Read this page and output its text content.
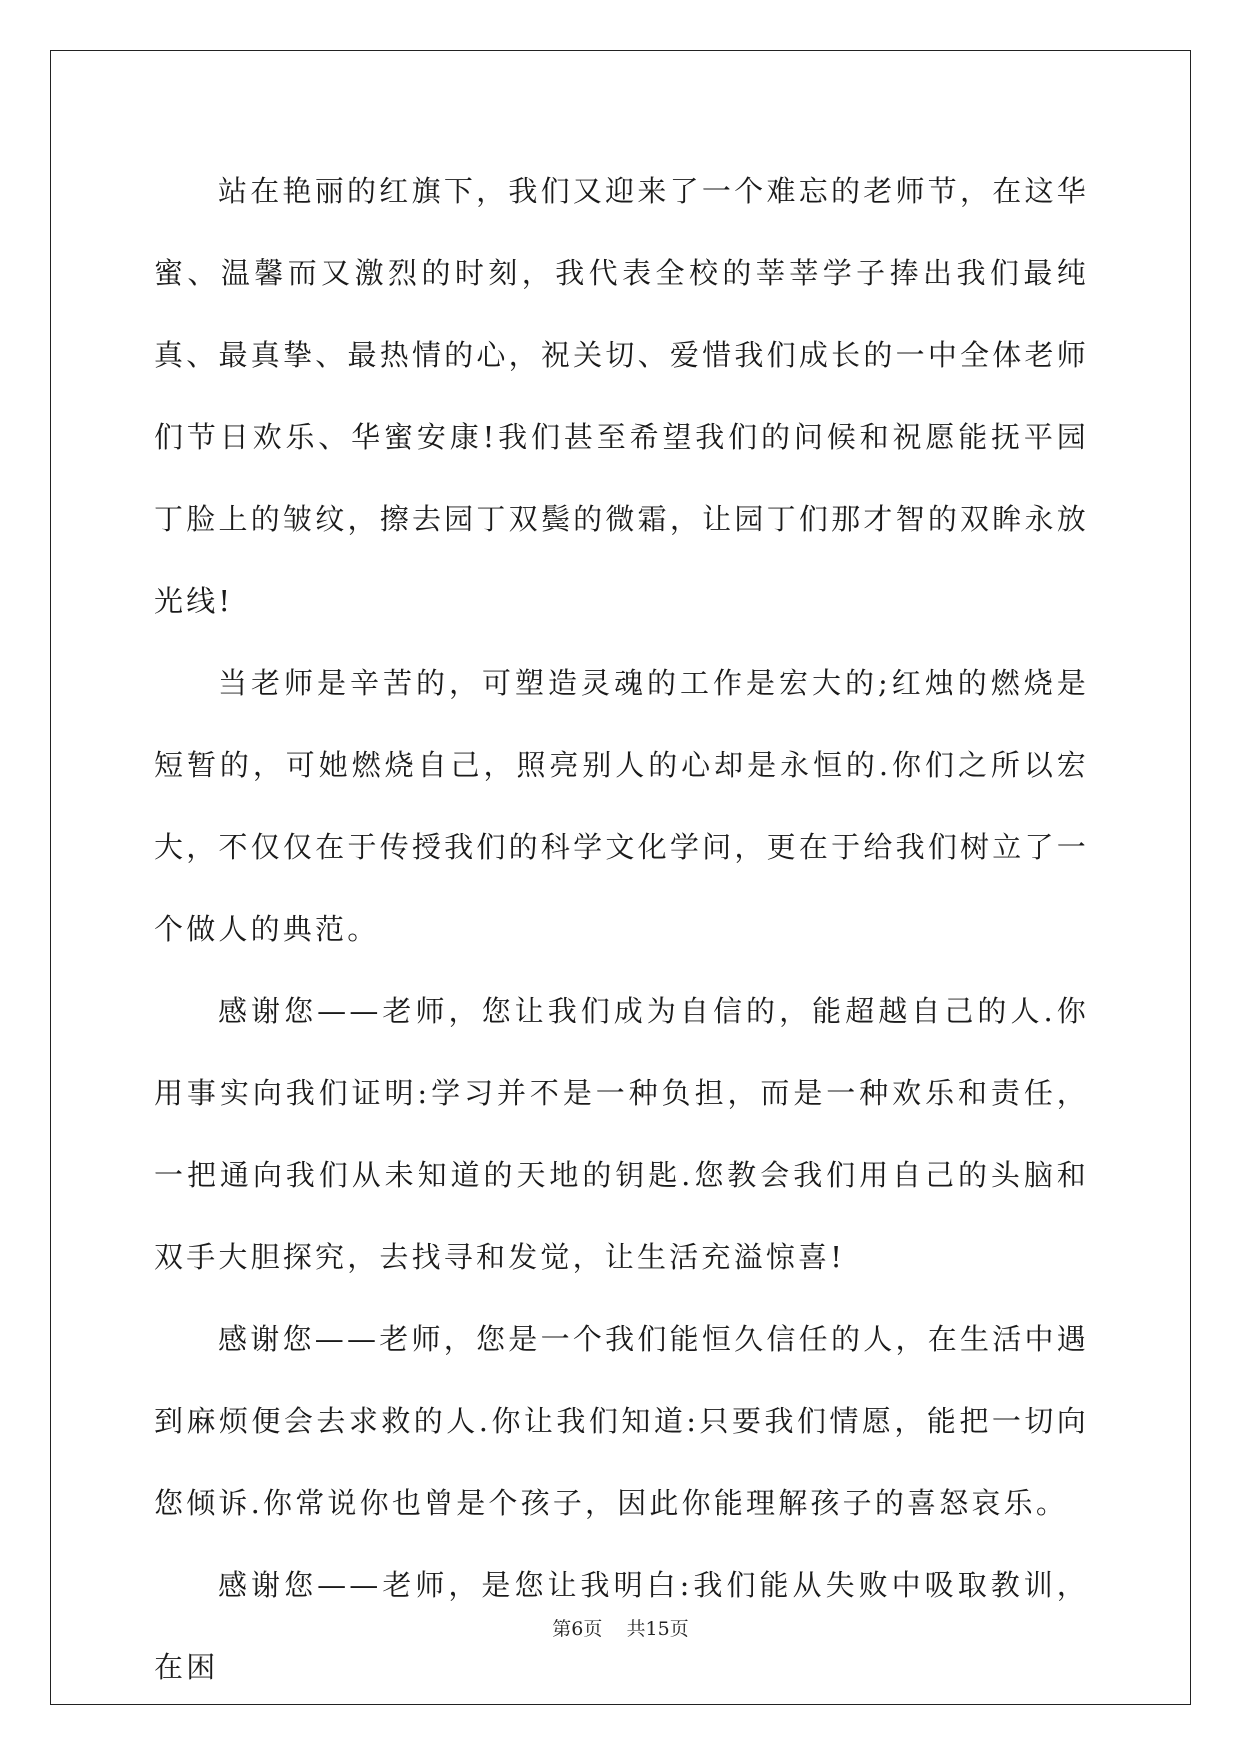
站在艳丽的红旗下，我们又迎来了一个难忘的老师节，在这华蜜、温馨而又激烈的时刻，我代表全校的莘莘学子捧出我们最纯真、最真挚、最热情的心，祝关切、爱惜我们成长的一中全体老师们节日欢乐、华蜜安康!我们甚至希望我们的问候和祝愿能抚平园丁脸上的皱纹，擦去园丁双鬓的微霜，让园丁们那才智的双眸永放光线!

当老师是辛苦的，可塑造灵魂的工作是宏大的;红烛的燃烧是短暂的，可她燃烧自己，照亮别人的心却是永恒的.你们之所以宏大，不仅仅在于传授我们的科学文化学问，更在于给我们树立了一个做人的典范。

感谢您——老师，您让我们成为自信的，能超越自己的人.你用事实向我们证明:学习并不是一种负担，而是一种欢乐和责任，一把通向我们从未知道的天地的钥匙.您教会我们用自己的头脑和双手大胆探究，去找寻和发觉，让生活充溢惊喜!

感谢您——老师，您是一个我们能恒久信任的人，在生活中遇到麻烦便会去求救的人.你让我们知道:只要我们情愿，能把一切向您倾诉.你常说你也曾是个孩子，因此你能理解孩子的喜怒哀乐。

感谢您——老师，是您让我明白:我们能从失败中吸取教训，在困

第6页 共15页
